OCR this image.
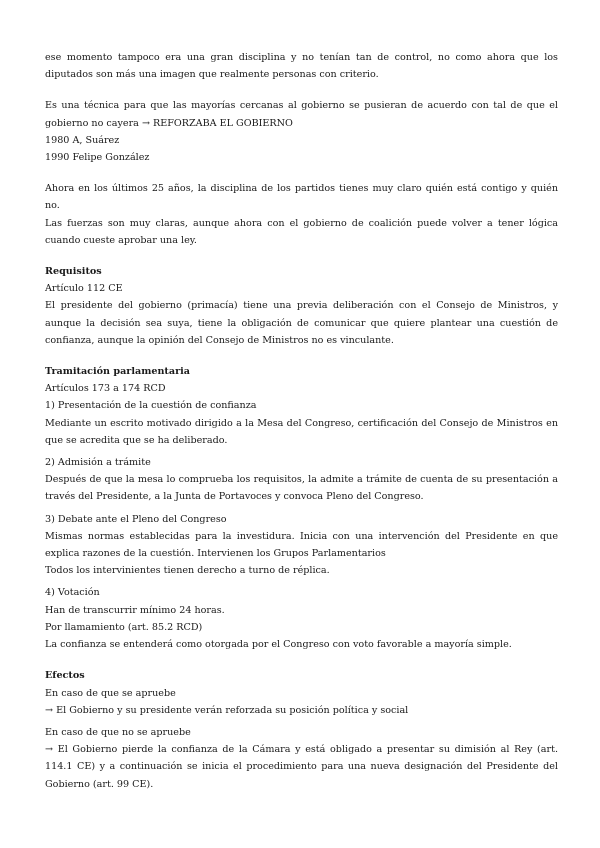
ese momento tampoco era una gran disciplina y no tenían tan de control, no como ahora que los diputados son más una imagen que realmente personas con criterio.

Es una técnica para que las mayorías cercanas al gobierno se pusieran de acuerdo con tal de que el gobierno no cayera → REFORZABA EL GOBIERNO

1980 A, Suárez

1990 Felipe González

Ahora en los últimos 25 años, la disciplina de los partidos tienes muy claro quién está contigo y quién no.

Las fuerzas son muy claras, aunque ahora con el gobierno de coalición puede volver a tener lógica cuando cueste aprobar una ley.

Requisitos

Artículo 112 CE

El presidente del gobierno (primacía) tiene una previa deliberación con el Consejo de Ministros, y aunque la decisión sea suya, tiene la obligación de comunicar que quiere plantear una cuestión de confianza, aunque la opinión del Consejo de Ministros no es vinculante.

Tramitación parlamentaria

Artículos 173 a 174 RCD

1) Presentación de la cuestión de confianza

Mediante un escrito motivado dirigido a la Mesa del Congreso, certificación del Consejo de Ministros en que se acredita que se ha deliberado.

2) Admisión a trámite

Después de que la mesa lo comprueba los requisitos, la admite a trámite de cuenta de su presentación a través del Presidente, a la Junta de Portavoces y convoca Pleno del Congreso.

3) Debate ante el Pleno del Congreso

Mismas normas establecidas para la investidura. Inicia con una intervención del Presidente en que explica razones de la cuestión. Intervienen los Grupos Parlamentarios

Todos los intervinientes tienen derecho a turno de réplica.

4) Votación

Han de transcurrir mínimo 24 horas.

Por llamamiento (art. 85.2 RCD)

La confianza se entenderá como otorgada por el Congreso con voto favorable a mayoría simple.

Efectos

En caso de que se apruebe

→ El Gobierno y su presidente verán reforzada su posición política y social

En caso de que no se apruebe

→ El Gobierno pierde la confianza de la Cámara y está obligado a presentar su dimisión al Rey (art. 114.1 CE) y a continuación se inicia el procedimiento para una nueva designación del Presidente del Gobierno (art. 99 CE).
